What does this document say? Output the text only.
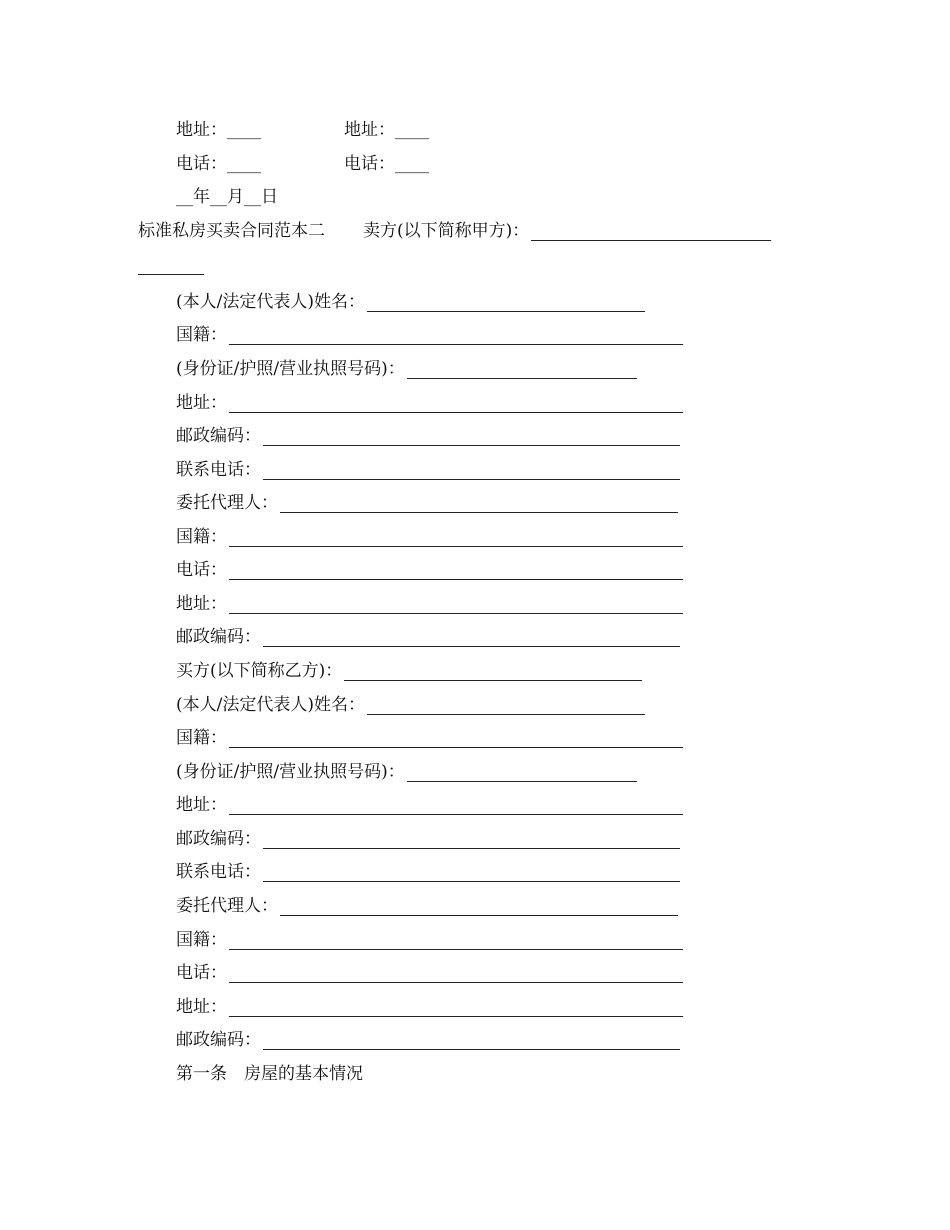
地址：____	地址：____
电话：____	电话：____
__年__月__日
标准私房买卖合同范本二 卖方(以下简称甲方)：
(本人/法定代表人)姓名：
国籍：
(身份证/护照/营业执照号码)：
地址：
邮政编码：
联系电话：
委托代理人：
国籍：
电话：
地址：
邮政编码：
买方(以下简称乙方)：
(本人/法定代表人)姓名：
国籍：
(身份证/护照/营业执照号码)：
地址：
邮政编码：
联系电话：
委托代理人：
国籍：
电话：
地址：
邮政编码：
第一条　房屋的基本情况
